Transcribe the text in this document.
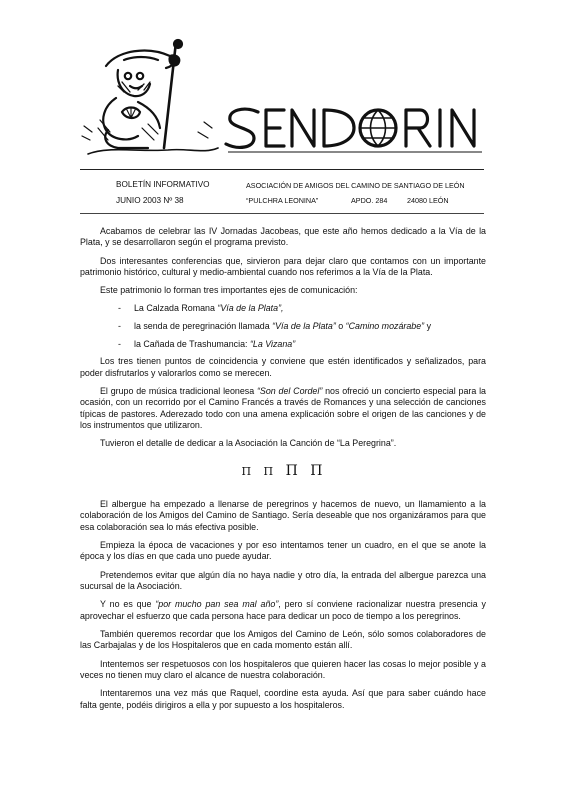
BOLETÍN INFORMATIVO
JUNIO 2003 Nº 38
ASOCIACIÓN DE AMIGOS DEL CAMINO DE SANTIAGO DE LEÓN
“PULCHRA LEONINA”	APDO. 284	24080 LEÓN

Acabamos de celebrar las IV Jornadas Jacobeas, que este año hemos dedicado a la Vía de la Plata, y se desarrollaron según el programa previsto.

Dos interesantes conferencias que, sirvieron para dejar claro que contamos con un importante patrimonio histórico, cultural y medio-ambiental cuando nos referimos a la Vía de la Plata.

Este patrimonio lo forman tres importantes ejes de comunicación:

- La Calzada Romana “Vía de la Plata”,
- la senda de peregrinación llamada “Vía de la Plata” o “Camino mozárabe” y
- la Cañada de Trashumancia: “La Vizana”

Los tres tienen puntos de coincidencia y conviene que estén identificados y señalizados, para poder disfrutarlos y valorarlos como se merecen.

El grupo de música tradicional leonesa “Son del Cordel” nos ofreció un concierto especial para la ocasión, con un recorrido por el Camino Francés a través de Romances y una selección de canciones típicas de pastores. Aderezado todo con una amena explicación sobre el origen de las canciones y de los instrumentos que utilizaron.

Tuvieron el detalle de dedicar a la Asociación la Canción de “La Peregrina”.

Π Π Π Π

El albergue ha empezado a llenarse de peregrinos y hacemos de nuevo, un llamamiento a la colaboración de los Amigos del Camino de Santiago. Sería deseable que nos organizáramos para que esa colaboración sea lo más efectiva posible.

Empieza la época de vacaciones y por eso intentamos tener un cuadro, en el que se anote la época y los días en que cada uno puede ayudar.

Pretendemos evitar que algún día no haya nadie y otro día, la entrada del albergue parezca una sucursal de la Asociación.

Y no es que “por mucho pan sea mal año”, pero sí conviene racionalizar nuestra presencia y aprovechar el esfuerzo que cada persona hace para dedicar un poco de tiempo a los peregrinos.

También queremos recordar que los Amigos del Camino de León, sólo somos colaboradores de las Carbajalas y de los Hospitaleros que en cada momento están allí.

Intentemos ser respetuosos con los hospitaleros que quieren hacer las cosas lo mejor posible y a veces no tienen muy claro el alcance de nuestra colaboración.

Intentaremos una vez más que Raquel, coordine esta ayuda. Así que para saber cuándo hace falta gente, podéis dirigiros a ella y por supuesto a los hospitaleros.
